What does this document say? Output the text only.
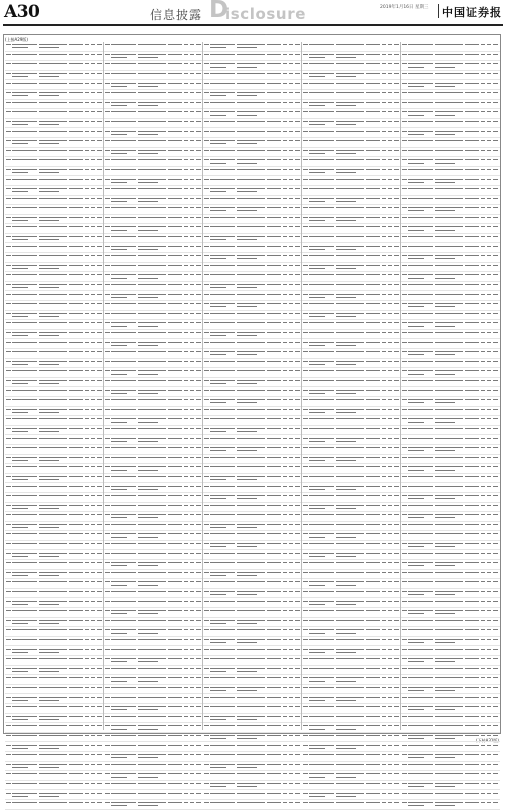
A30	信息披露 D
isclosure	2019年1月16日 星期三 中国证券报
(上接A29版)
(下转A31版)
